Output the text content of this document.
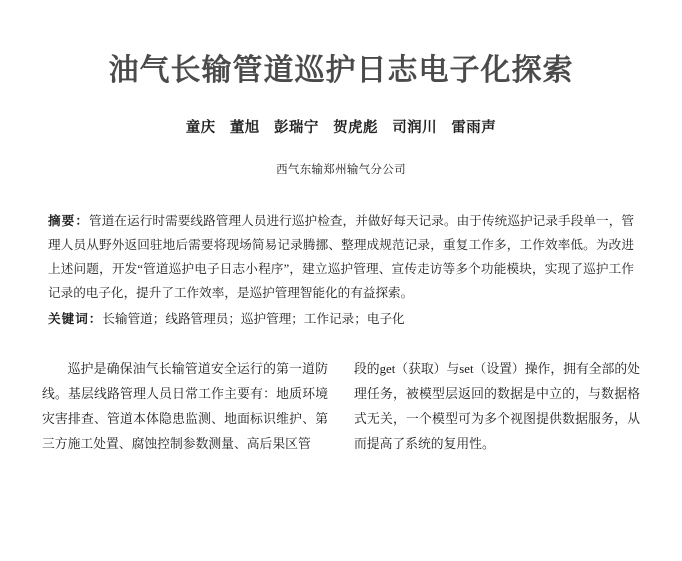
油气长输管道巡护日志电子化探索
童庆 董旭 彭瑞宁 贺虎彪 司润川 雷雨声
西气东输郑州输气分公司
摘要：管道在运行时需要线路管理人员进行巡护检查，并做好每天记录。由于传统巡护记录手段单一，管理人员从野外返回驻地后需要将现场简易记录腾挪、整理成规范记录，重复工作多，工作效率低。为改进上述问题，开发“管道巡护电子日志小程序”，建立巡护管理、宣传走访等多个功能模块，实现了巡护工作记录的电子化，提升了工作效率，是巡护管理智能化的有益探索。
关键词：长输管道；线路管理员；巡护管理；工作记录；电子化

巡护是确保油气长输管道安全运行的第一道防线。基层线路管理人员日常工作主要有：地质环境灾害排查、管道本体隐患监测、地面标识维护、第三方施工处置、腐蚀控制参数测量、高后果区管

段的get（获取）与set（设置）操作，拥有全部的处理任务，被模型层返回的数据是中立的，与数据格式无关，一个模型可为多个视图提供数据服务，从而提高了系统的复用性。
